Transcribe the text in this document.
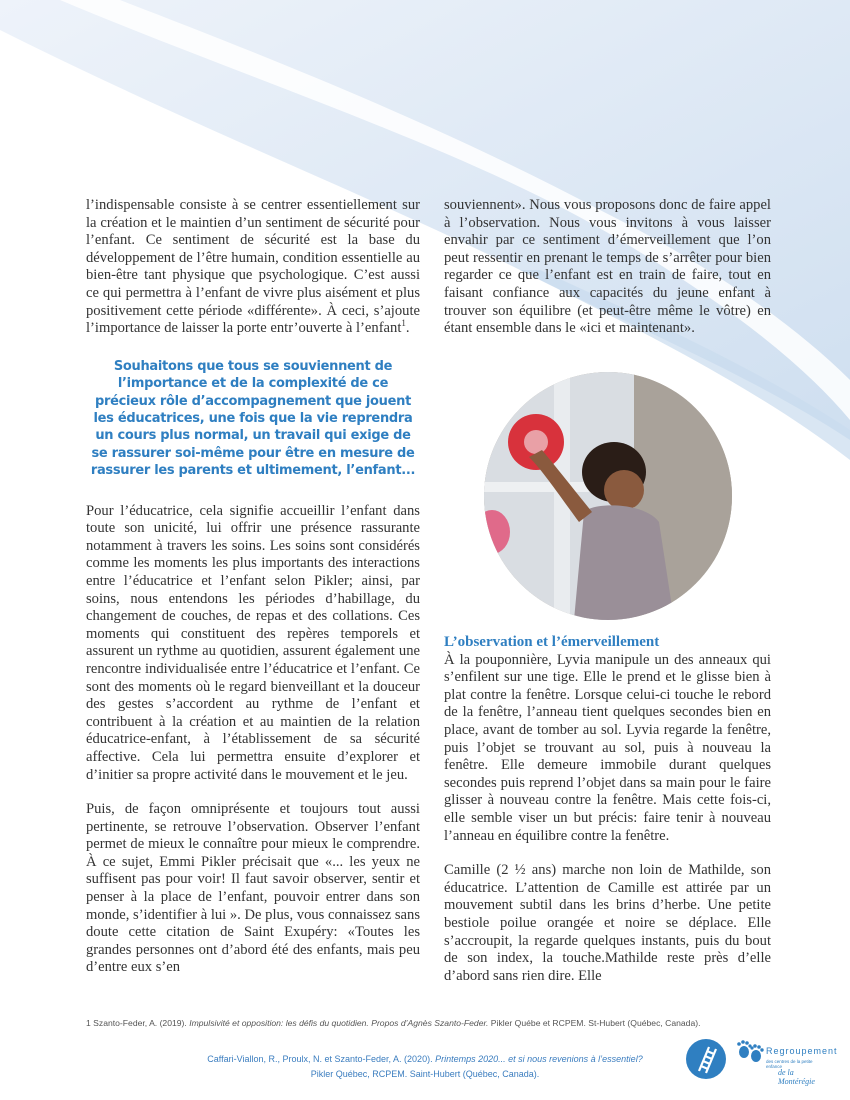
l’indispensable consiste à se centrer essentiellement sur la création et le maintien d’un sentiment de sécurité pour l’enfant. Ce sentiment de sécurité est la base du développement de l’être humain, condition essentielle au bien-être tant physique que psychologique. C’est aussi ce qui permettra à l’enfant de vivre plus aisément et plus positivement cette période «différente». À ceci, s’ajoute l’importance de laisser la porte entr’ouverte à l’enfant$^1$.

Souhaitons que tous se souviennent de l’importance et de la complexité de ce précieux rôle d’accompagnement que jouent les éducatrices, une fois que la vie reprendra un cours plus normal, un travail qui exige de se rassurer soi-même pour être en mesure de rassurer les parents et ultimement, l’enfant...

Pour l’éducatrice, cela signifie accueillir l’enfant dans toute son unicité, lui offrir une présence rassurante notamment à travers les soins. Les soins sont considérés comme les moments les plus importants des interactions entre l’éducatrice et l’enfant selon Pikler; ainsi, par soins, nous entendons les périodes d’habillage, du changement de couches, de repas et des collations. Ces moments qui constituent des repères temporels et assurent un rythme au quotidien, assurent également une rencontre individualisée entre l’éducatrice et l’enfant. Ce sont des moments où le regard bienveillant et la douceur des gestes s’accordent au rythme de l’enfant et contribuent à la création et au maintien de la relation éducatrice-enfant, à l’établissement de sa sécurité affective. Cela lui permettra ensuite d’explorer et d’initier sa propre activité dans le mouvement et le jeu.

Puis, de façon omniprésente et toujours tout aussi pertinente, se retrouve l’observation. Observer l’enfant permet de mieux le connaître pour mieux le comprendre. À ce sujet, Emmi Pikler précisait que «... les yeux ne suffisent pas pour voir! Il faut savoir observer, sentir et penser à la place de l’enfant, pouvoir entrer dans son monde, s’identifier à lui ». De plus, vous connaissez sans doute cette citation de Saint Exupéry: «Toutes les grandes personnes ont d’abord été des enfants, mais peu d’entre eux s’en

souviennent». Nous vous proposons donc de faire appel à l’observation. Nous vous invitons à vous laisser envahir par ce sentiment d’émerveillement que l’on peut ressentir en prenant le temps de s’arrêter pour bien regarder ce que l’enfant est en train de faire, tout en faisant confiance aux capacités du jeune enfant à trouver son équilibre (et peut-être même le vôtre) en étant ensemble dans le «ici et maintenant».

L’observation et l’émerveillement

À la pouponnière, Lyvia manipule un des anneaux qui s’enfilent sur une tige. Elle le prend et le glisse bien à plat contre la fenêtre. Lorsque celui-ci touche le rebord de la fenêtre, l’anneau tient quelques secondes bien en place, avant de tomber au sol. Lyvia regarde la fenêtre, puis l’objet se trouvant au sol, puis à nouveau la fenêtre. Elle demeure immobile durant quelques secondes puis reprend l’objet dans sa main pour le faire glisser à nouveau contre la fenêtre. Mais cette fois-ci, elle semble viser un but précis: faire tenir à nouveau l’anneau en équilibre contre la fenêtre.

Camille (2 ½ ans) marche non loin de Mathilde, son éducatrice. L’attention de Camille est attirée par un mouvement subtil dans les brins d’herbe. Une petite bestiole poilue orangée et noire se déplace. Elle s’accroupit, la regarde quelques instants, puis du bout de son index, la touche.Mathilde reste près d’elle d’abord sans rien dire. Elle

1 Szanto-Feder, A. (2019). Impulsivité et opposition: les défis du quotidien. Propos d’Agnès Szanto-Feder. Pikler Québe et RCPEM. St-Hubert (Québec, Canada).
Caffari-Viallon, R., Proulx, N. et Szanto-Feder, A. (2020). Printemps 2020... et si nous revenions à l’essentiel?
Pikler Québec, RCPEM. Saint-Hubert (Québec, Canada).
Regroupement
des centres de la petite enfance
de la Montérégie
